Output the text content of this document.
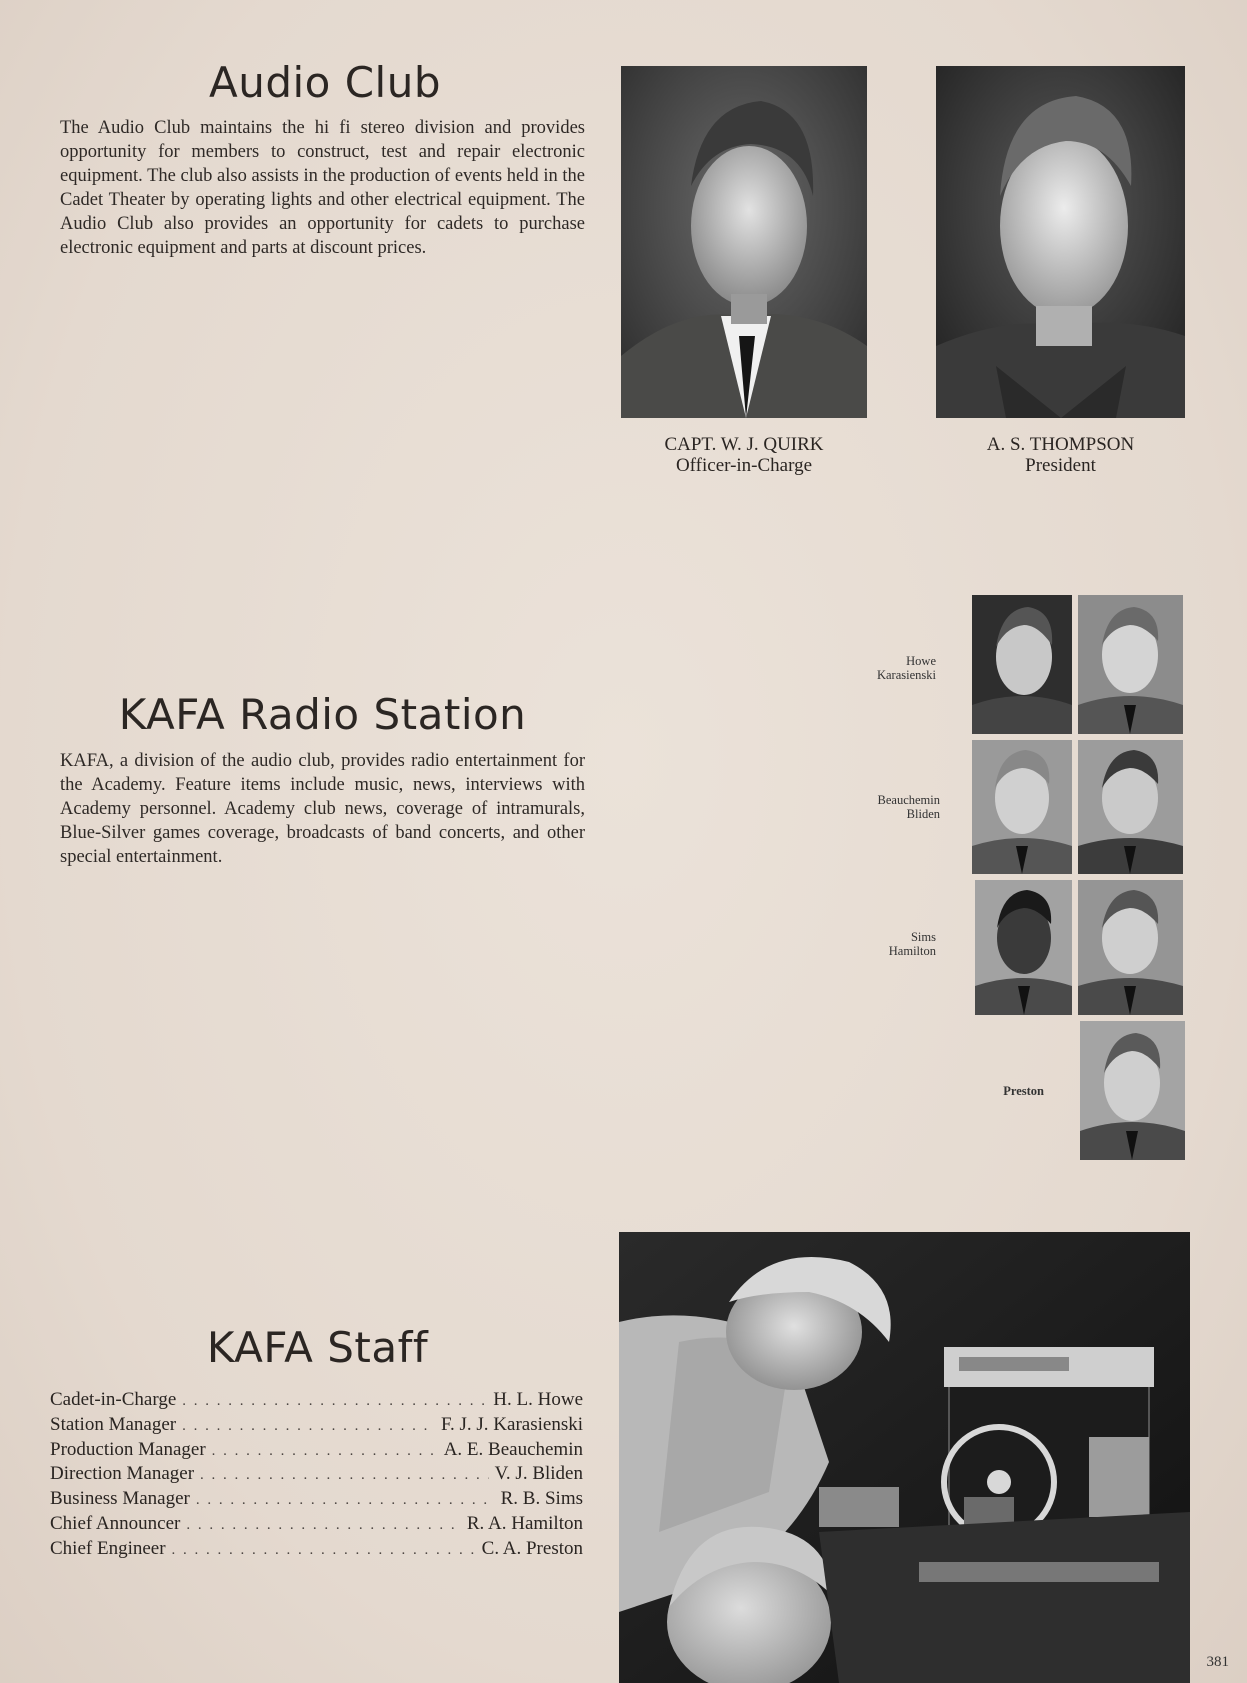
Audio Club

The Audio Club maintains the hi fi stereo division and provides opportunity for members to construct, test and repair electronic equipment. The club also assists in the production of events held in the Cadet Theater by operating lights and other electrical equipment. The Audio Club also provides an opportunity for cadets to purchase electronic equipment and parts at discount prices.

CAPT. W. J. QUIRK
Officer-in-Charge
A. S. THOMPSON
President
KAFA Radio Station

KAFA, a division of the audio club, provides radio entertainment for the Academy. Feature items include music, news, interviews with Academy personnel. Academy club news, coverage of intramurals, Blue-Silver games coverage, broadcasts of band concerts, and other special entertainment.

Howe
Karasienski
Beauchemin
Bliden
Sims
Hamilton
Preston
KAFA Staff
Cadet-in-Charge . . .	H. L. Howe
Station Manager . . .	F. J. J. Karasienski
Production Manager . . .	A. E. Beauchemin
Direction Manager . . .	V. J. Bliden
Business Manager . . .	R. B. Sims
Chief Announcer . . .	R. A. Hamilton
Chief Engineer . . .	C. A. Preston
381
